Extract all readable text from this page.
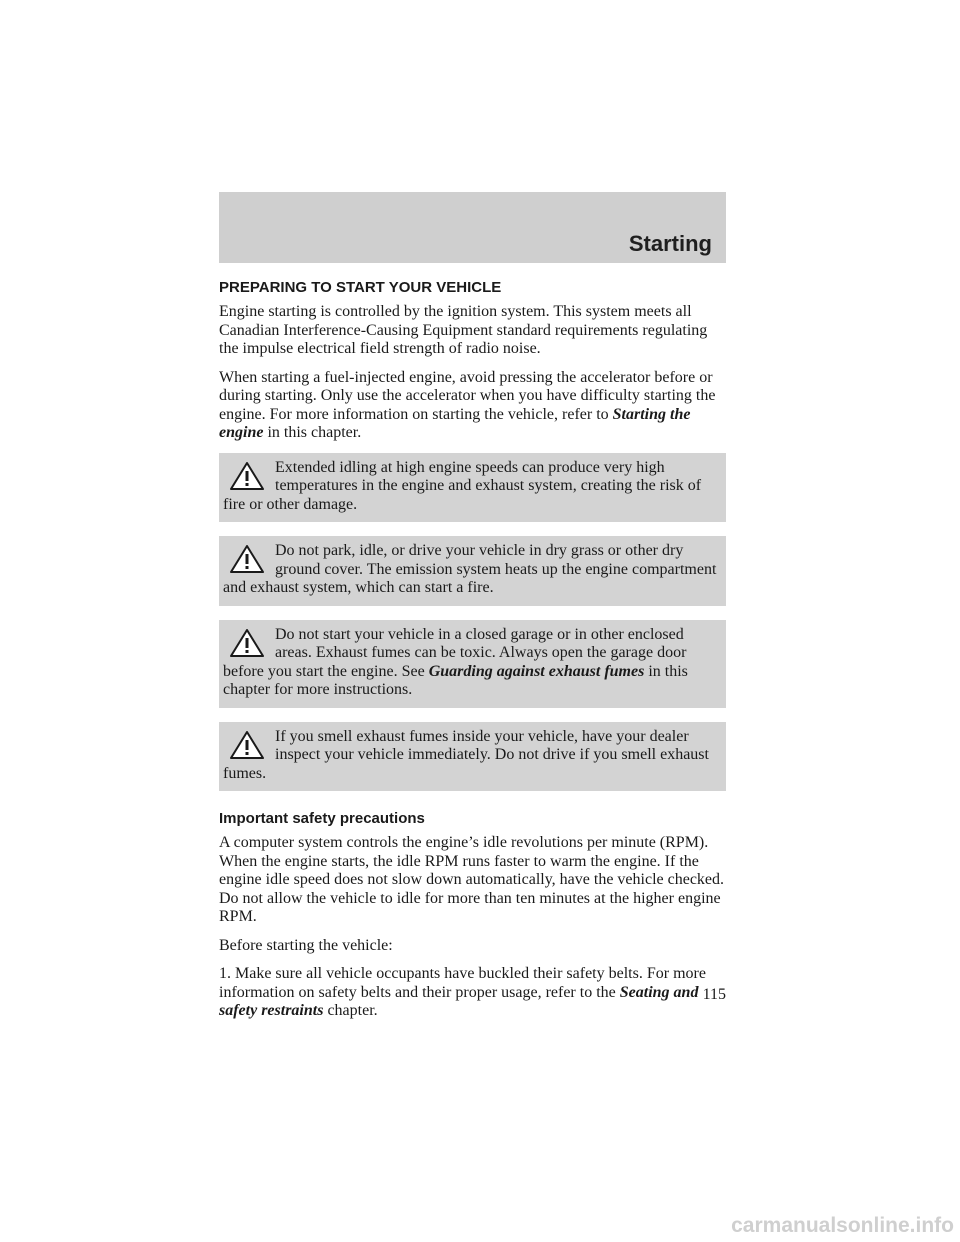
Starting
PREPARING TO START YOUR VEHICLE

Engine starting is controlled by the ignition system. This system meets all Canadian Interference-Causing Equipment standard requirements regulating the impulse electrical field strength of radio noise.

When starting a fuel-injected engine, avoid pressing the accelerator before or during starting. Only use the accelerator when you have difficulty starting the engine. For more information on starting the vehicle, refer to Starting the engine in this chapter.

Extended idling at high engine speeds can produce very high temperatures in the engine and exhaust system, creating the risk of fire or other damage.
Do not park, idle, or drive your vehicle in dry grass or other dry ground cover. The emission system heats up the engine compartment and exhaust system, which can start a fire.
Do not start your vehicle in a closed garage or in other enclosed areas. Exhaust fumes can be toxic. Always open the garage door before you start the engine. See Guarding against exhaust fumes in this chapter for more instructions.
If you smell exhaust fumes inside your vehicle, have your dealer inspect your vehicle immediately. Do not drive if you smell exhaust fumes.
Important safety precautions

A computer system controls the engine’s idle revolutions per minute (RPM). When the engine starts, the idle RPM runs faster to warm the engine. If the engine idle speed does not slow down automatically, have the vehicle checked. Do not allow the vehicle to idle for more than ten minutes at the higher engine RPM.

Before starting the vehicle:

1. Make sure all vehicle occupants have buckled their safety belts. For more information on safety belts and their proper usage, refer to the Seating and safety restraints chapter.

115
carmanualsonline.info
